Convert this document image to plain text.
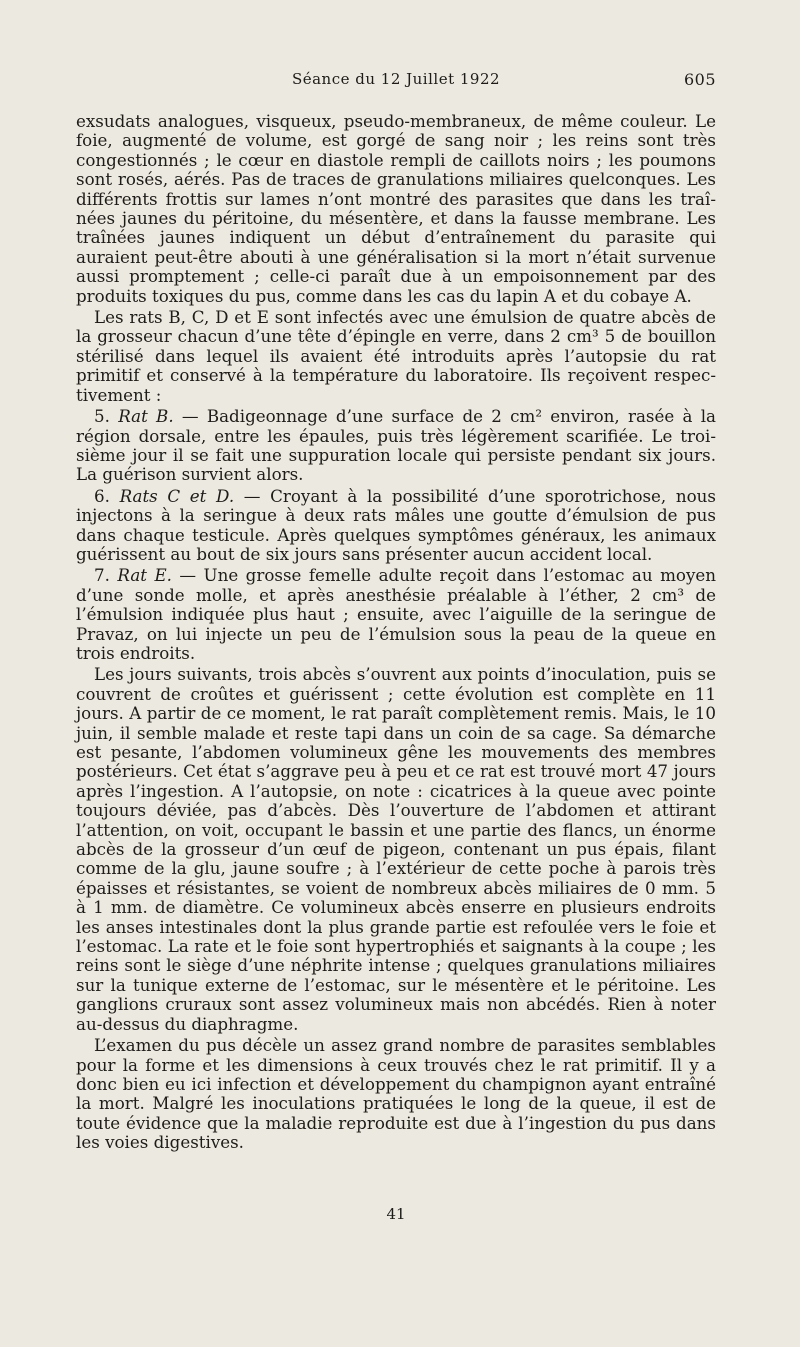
Séance du 12 Juillet 1922	605

exsudats analogues, visqueux, pseudo-membraneux, de même couleur. Le foie, augmenté de volume, est gorgé de sang noir ; les reins sont très congestionnés ; le cœur en diastole rempli de caillots noirs ; les poumons sont rosés, aérés. Pas de traces de granulations miliaires quelconques. Les différents frottis sur lames n’ont montré des parasites que dans les traînées jaunes du péritoine, du mésentère, et dans la fausse membrane. Les traînées jaunes indiquent un début d’entraînement du parasite qui auraient peut-être abouti à une généralisation si la mort n’était survenue aussi promptement ; celle-ci paraît due à un empoisonnement par des produits toxiques du pus, comme dans les cas du lapin A et du cobaye A.

Les rats B, C, D et E sont infectés avec une émulsion de quatre abcès de la grosseur chacun d’une tête d’épingle en verre, dans 2 cm³ 5 de bouillon stérilisé dans lequel ils avaient été introduits après l’autopsie du rat primitif et conservé à la température du laboratoire. Ils reçoivent respectivement :

5. Rat B. — Badigeonnage d’une surface de 2 cm² environ, rasée à la région dorsale, entre les épaules, puis très légèrement scarifiée. Le troisième jour il se fait une suppuration locale qui persiste pendant six jours. La guérison survient alors.

6. Rats C et D. — Croyant à la possibilité d’une sporotrichose, nous injectons à la seringue à deux rats mâles une goutte d’émulsion de pus dans chaque testicule. Après quelques symptômes généraux, les animaux guérissent au bout de six jours sans présenter aucun accident local.

7. Rat E. — Une grosse femelle adulte reçoit dans l’estomac au moyen d’une sonde molle, et après anesthésie préalable à l’éther, 2 cm³ de l’émulsion indiquée plus haut ; ensuite, avec l’aiguille de la seringue de Pravaz, on lui injecte un peu de l’émulsion sous la peau de la queue en trois endroits.

Les jours suivants, trois abcès s’ouvrent aux points d’inoculation, puis se couvrent de croûtes et guérissent ; cette évolution est complète en 11 jours. A partir de ce moment, le rat paraît complètement remis. Mais, le 10 juin, il semble malade et reste tapi dans un coin de sa cage. Sa démarche est pesante, l’abdomen volumineux gêne les mouvements des membres postérieurs. Cet état s’aggrave peu à peu et ce rat est trouvé mort 47 jours après l’ingestion. A l’autopsie, on note : cicatrices à la queue avec pointe toujours déviée, pas d’abcès. Dès l’ouverture de l’abdomen et attirant l’attention, on voit, occupant le bassin et une partie des flancs, un énorme abcès de la grosseur d’un œuf de pigeon, contenant un pus épais, filant comme de la glu, jaune soufre ; à l’extérieur de cette poche à parois très épaisses et résistantes, se voient de nombreux abcès miliaires de 0 mm. 5 à 1 mm. de diamètre. Ce volumineux abcès enserre en plusieurs endroits les anses intestinales dont la plus grande partie est refoulée vers le foie et l’estomac. La rate et le foie sont hypertrophiés et saignants à la coupe ; les reins sont le siège d’une néphrite intense ; quelques granulations miliaires sur la tunique externe de l’estomac, sur le mésentère et le péritoine. Les ganglions cruraux sont assez volumineux mais non abcédés. Rien à noter au-dessus du diaphragme.

L’examen du pus décèle un assez grand nombre de parasites semblables pour la forme et les dimensions à ceux trouvés chez le rat primitif. Il y a donc bien eu ici infection et développement du champignon ayant entraîné la mort. Malgré les inoculations pratiquées le long de la queue, il est de toute évidence que la maladie reproduite est due à l’ingestion du pus dans les voies digestives.

41
